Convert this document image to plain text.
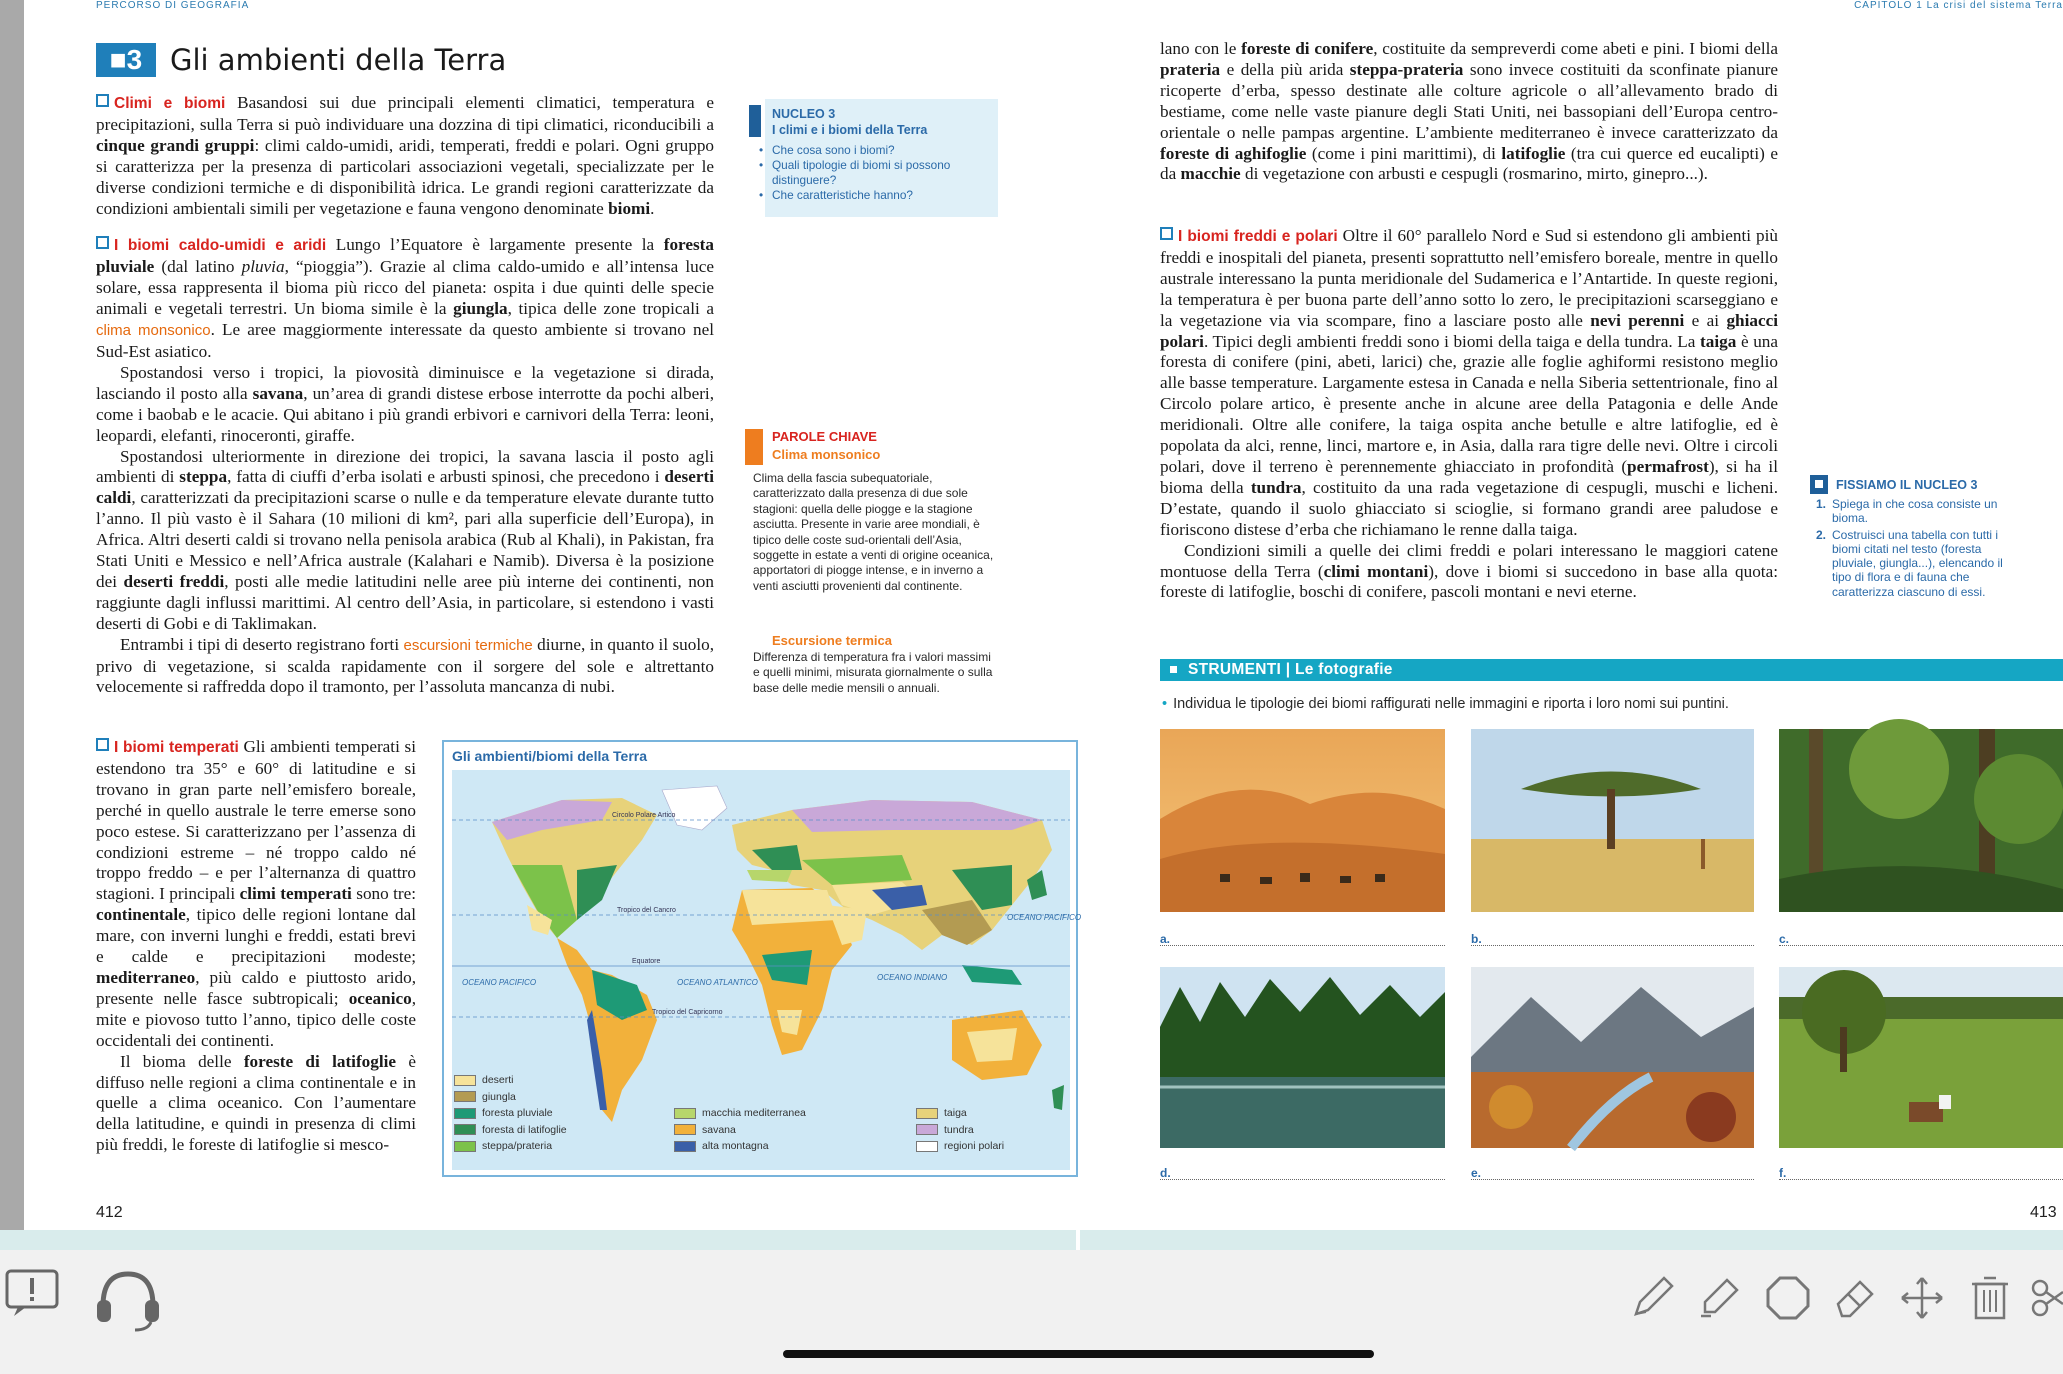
PERCORSO DI GEOGRAFIA	CAPITOLO 1 La crisi del sistema Terra
■ 3 Gli ambienti della Terra

Climi e biomi Basandosi sui due principali elementi climatici, temperatura e precipitazioni, sulla Terra si può individuare una dozzina di tipi climatici, riconducibili a cinque grandi gruppi: climi caldo-umidi, aridi, temperati, freddi e polari. Ogni gruppo si caratterizza per la presenza di particolari associazioni vegetali, specializzate per le diverse condizioni termiche e di disponibilità idrica. Le grandi regioni caratterizzate da condizioni ambientali simili per vegetazione e fauna vengono denominate biomi.

I biomi caldo-umidi e aridi Lungo l’Equatore è largamente presente la foresta pluviale (dal latino pluvia, “pioggia”). Grazie al clima caldo-umido e all’intensa luce solare, essa rappresenta il bioma più ricco del pianeta: ospita i due quinti delle specie animali e vegetali terrestri. Un bioma simile è la giungla, tipica delle zone tropicali a clima monsonico. Le aree maggiormente interessate da questo ambiente si trovano nel Sud-Est asiatico.

Spostandosi verso i tropici, la piovosità diminuisce e la vegetazione si dirada, lasciando il posto alla savana, un’area di grandi distese erbose interrotte da pochi alberi, come i baobab e le acacie. Qui abitano i più grandi erbivori e carnivori della Terra: leoni, leopardi, elefanti, rinoceronti, giraffe.

Spostandosi ulteriormente in direzione dei tropici, la savana lascia il posto agli ambienti di steppa, fatta di ciuffi d’erba isolati e arbusti spinosi, che precedono i deserti caldi, caratterizzati da precipitazioni scarse o nulle e da temperature elevate durante tutto l’anno. Il più vasto è il Sahara (10 milioni di km², pari alla superficie dell’Europa), in Africa. Altri deserti caldi si trovano nella penisola arabica (Rub al Khali), in Pakistan, fra Stati Uniti e Messico e nell’Africa australe (Kalahari e Namib). Diversa è la posizione dei deserti freddi, posti alle medie latitudini nelle aree più interne dei continenti, non raggiunte dagli influssi marittimi. Al centro dell’Asia, in particolare, si estendono i vasti deserti di Gobi e di Taklimakan.

Entrambi i tipi di deserto registrano forti escursioni termiche diurne, in quanto il suolo, privo di vegetazione, si scalda rapidamente con il sorgere del sole e altrettanto velocemente si raffredda dopo il tramonto, per l’assoluta mancanza di nubi.

I biomi temperati Gli ambienti temperati si estendono tra 35° e 60° di latitudine e si trovano in gran parte nell’emisfero boreale, perché in quello australe le terre emerse sono poco estese. Si caratterizzano per l’assenza di condizioni estreme – né troppo caldo né troppo freddo – e per l’alternanza di quattro stagioni. I principali climi temperati sono tre: continentale, tipico delle regioni lontane dal mare, con inverni lunghi e freddi, estati brevi e calde e precipitazioni modeste; mediterraneo, più caldo e piuttosto arido, presente nelle fasce subtropicali; oceanico, mite e piovoso tutto l’anno, tipico delle coste occidentali dei continenti.

Il bioma delle foreste di latifoglie è diffuso nelle regioni a clima continentale e in quelle a clima oceanico. Con l’aumentare della latitudine, e quindi in presenza di climi più freddi, le foreste di latifoglie si mesco-

NUCLEO 3
I climi e i biomi della Terra
• Che cosa sono i biomi?
• Quali tipologie di biomi si possono distinguere?
• Che caratteristiche hanno?
PAROLE CHIAVE
Clima monsonico
Clima della fascia subequatoriale, caratterizzato dalla presenza di due sole stagioni: quella delle piogge e la stagione asciutta. Presente in varie aree mondiali, è tipico delle coste sud-orientali dell’Asia, soggette in estate a venti di origine oceanica, apportatori di piogge intense, e in inverno a venti asciutti provenienti dal continente.
Escursione termica
Differenza di temperatura fra i valori massimi e quelli minimi, misurata giornalmente o sulla base delle medie mensili o annuali.
Gli ambienti/biomi della Terra
Circolo Polare Artico
Tropico del Cancro
Equatore
Tropico del Capricorno
OCEANO PACIFICO
OCEANO PACIFICO	OCEANO ATLANTICO
OCEANO INDIANO
deserti
giungla
foresta pluviale
foresta di latifoglie
steppa/prateria
macchia mediterranea
savana
alta montagna
taiga
tundra
regioni polari
412	413

lano con le foreste di conifere, costituite da sempreverdi come abeti e pini. I biomi della prateria e della più arida steppa-prateria sono invece costituiti da sconfinate pianure ricoperte d’erba, spesso destinate alle colture agricole o all’allevamento brado di bestiame, come nelle vaste pianure degli Stati Uniti, nei bassopiani dell’Europa centro-orientale o nelle pampas argentine. L’ambiente mediterraneo è invece caratterizzato da foreste di aghifoglie (come i pini marittimi), di latifoglie (tra cui querce ed eucalipti) e da macchie di vegetazione con arbusti e cespugli (rosmarino, mirto, ginepro...).

I biomi freddi e polari Oltre il 60° parallelo Nord e Sud si estendono gli ambienti più freddi e inospitali del pianeta, presenti soprattutto nell’emisfero boreale, mentre in quello australe interessano la punta meridionale del Sudamerica e l’Antartide. In queste regioni, la temperatura è per buona parte dell’anno sotto lo zero, le precipitazioni scarseggiano e la vegetazione via via scompare, fino a lasciare posto alle nevi perenni e ai ghiacci polari. Tipici degli ambienti freddi sono i biomi della taiga e della tundra. La taiga è una foresta di conifere (pini, abeti, larici) che, grazie alle foglie aghiformi resistono meglio alle basse temperature. Largamente estesa in Canada e nella Siberia settentrionale, fino al Circolo polare artico, è presente anche in alcune aree della Patagonia e delle Ande meridionali. Oltre alle conifere, la taiga ospita anche betulle e altre latifoglie, ed è popolata da alci, renne, linci, martore e, in Asia, dalla rara tigre delle nevi. Oltre i circoli polari, dove il terreno è perennemente ghiacciato in profondità (permafrost), si ha il bioma della tundra, costituito da una rada vegetazione di cespugli, muschi e licheni. D’estate, quando il suolo ghiacciato si scioglie, si formano grandi aree paludose e fioriscono distese d’erba che richiamano le renne dalla taiga.

Condizioni simili a quelle dei climi freddi e polari interessano le maggiori catene montuose della Terra (climi montani), dove i biomi si succedono in base alla quota: foreste di latifoglie, boschi di conifere, pascoli montani e nevi eterne.

FISSIAMO IL NUCLEO 3
1. Spiega in che cosa consiste un bioma.
2. Costruisci una tabella con tutti i biomi citati nel testo (foresta pluviale, giungla...), elencando il tipo di flora e di fauna che caratterizza ciascuno di essi.
STRUMENTI | Le fotografie
• Individua le tipologie dei biomi raffigurati nelle immagini e riporta i loro nomi sui puntini.
a.	b.	c.
d.	e.	f.
